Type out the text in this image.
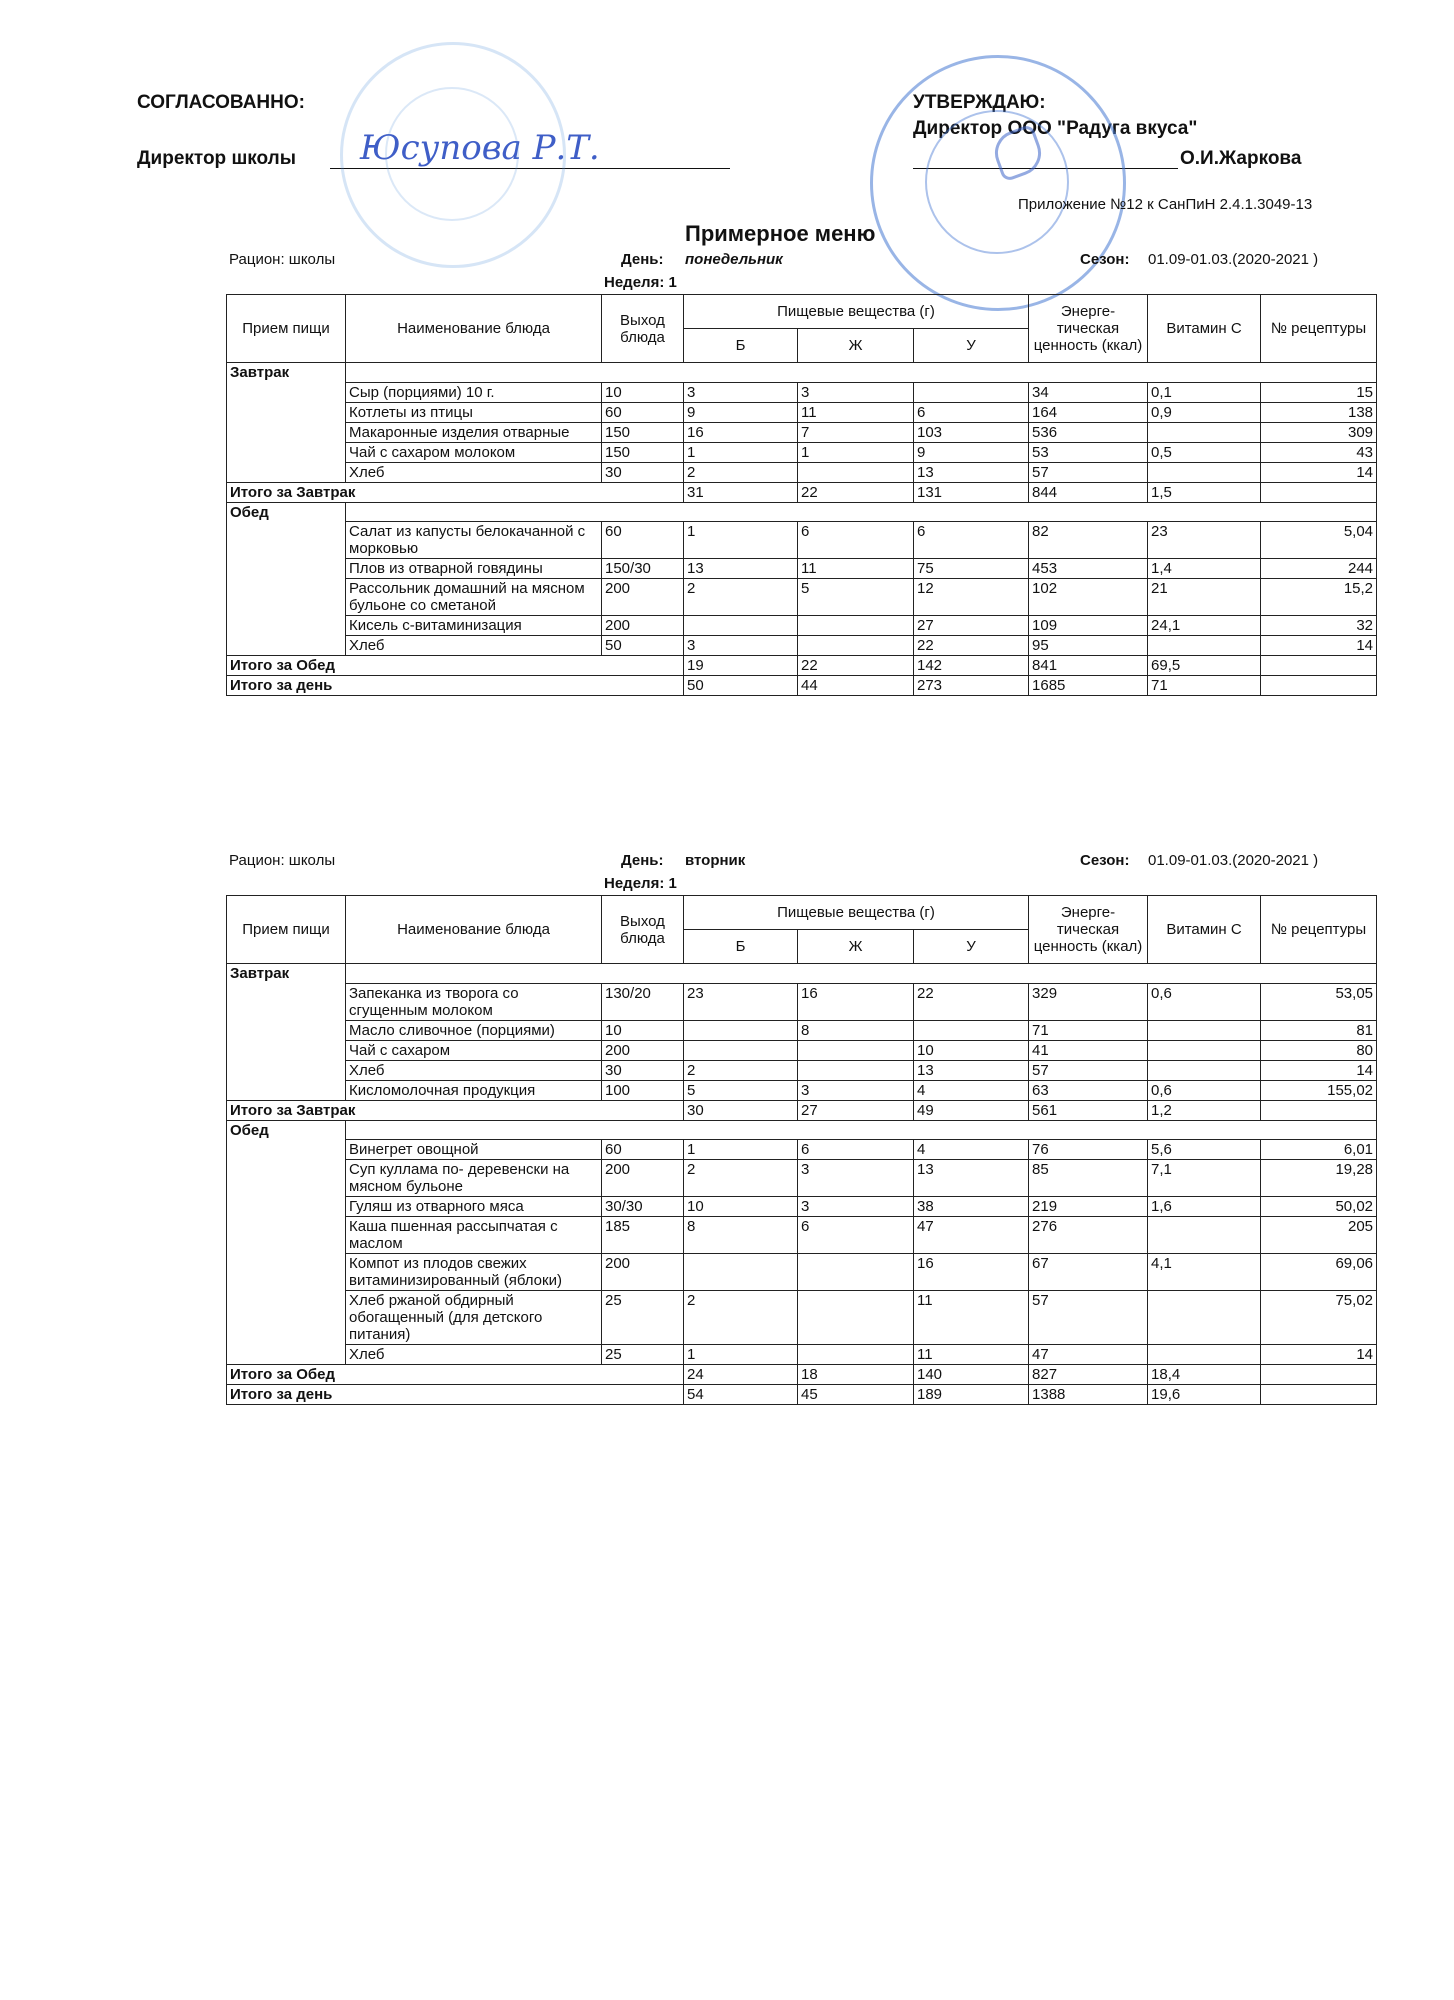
СОГЛАСОВАННО:
Директор школы Юсупова Р.Т.
УТВЕРЖДАЮ:
Директор ООО "Радуга вкуса"
О.И.Жаркова
Приложение №12 к СанПиН 2.4.1.3049-13
Примерное меню
Рацион: школы	День: понедельник
Неделя: 1
Сезон: 01.09-01.03.(2020-2021 )
Прием пищи	Наименование блюда	Выход блюда	Пищевые вещества (г)			Энерге-тическая ценность (ккал)	Витамин С	№ рецептуры
			Б	Ж	У			
Завтрак								
	Сыр (порциями) 10 г.	10	3	3		34	0,1	15
	Котлеты из птицы	60	9	11	6	164	0,9	138
	Макаронные изделия отварные	150	16	7	103	536		309
	Чай с сахаром молоком	150	1	1	9	53	0,5	43
	Хлеб	30	2		13	57		14
Итого за Завтрак			31	22	131	844	1,5	
Обед								
	Салат из капусты белокачанной с морковью	60	1	6	6	82	23	5,04
	Плов из отварной говядины	150/30	13	11	75	453	1,4	244
	Рассольник домашний на мясном бульоне со сметаной	200	2	5	12	102	21	15,2
	Кисель с-витаминизация	200			27	109	24,1	32
	Хлеб	50	3		22	95		14
Итого за Обед			19	22	142	841	69,5	
Итого за день			50	44	273	1685	71	
Рацион: школы	День: вторник
Неделя: 1
Сезон: 01.09-01.03.(2020-2021 )
Прием пищи	Наименование блюда	Выход блюда	Пищевые вещества (г)			Энерге-тическая ценность (ккал)	Витамин С	№ рецептуры
			Б	Ж	У			
Завтрак								
	Запеканка из творога со сгущенным молоком	130/20	23	16	22	329	0,6	53,05
	Масло сливочное (порциями)	10		8		71		81
	Чай с сахаром	200			10	41		80
	Хлеб	30	2		13	57		14
	Кисломолочная продукция	100	5	3	4	63	0,6	155,02
Итого за Завтрак			30	27	49	561	1,2	
Обед								
	Винегрет овощной	60	1	6	4	76	5,6	6,01
	Суп куллама по- деревенски на мясном бульоне	200	2	3	13	85	7,1	19,28
	Гуляш из отварного мяса	30/30	10	3	38	219	1,6	50,02
	Каша пшенная рассыпчатая с маслом	185	8	6	47	276		205
	Компот из плодов свежих витаминизированный (яблоки)	200			16	67	4,1	69,06
	Хлеб ржаной обдирный обогащенный (для детского питания)	25	2		11	57		75,02
	Хлеб	25	1		11	47		14
Итого за Обед			24	18	140	827	18,4	
Итого за день			54	45	189	1388	19,6	
